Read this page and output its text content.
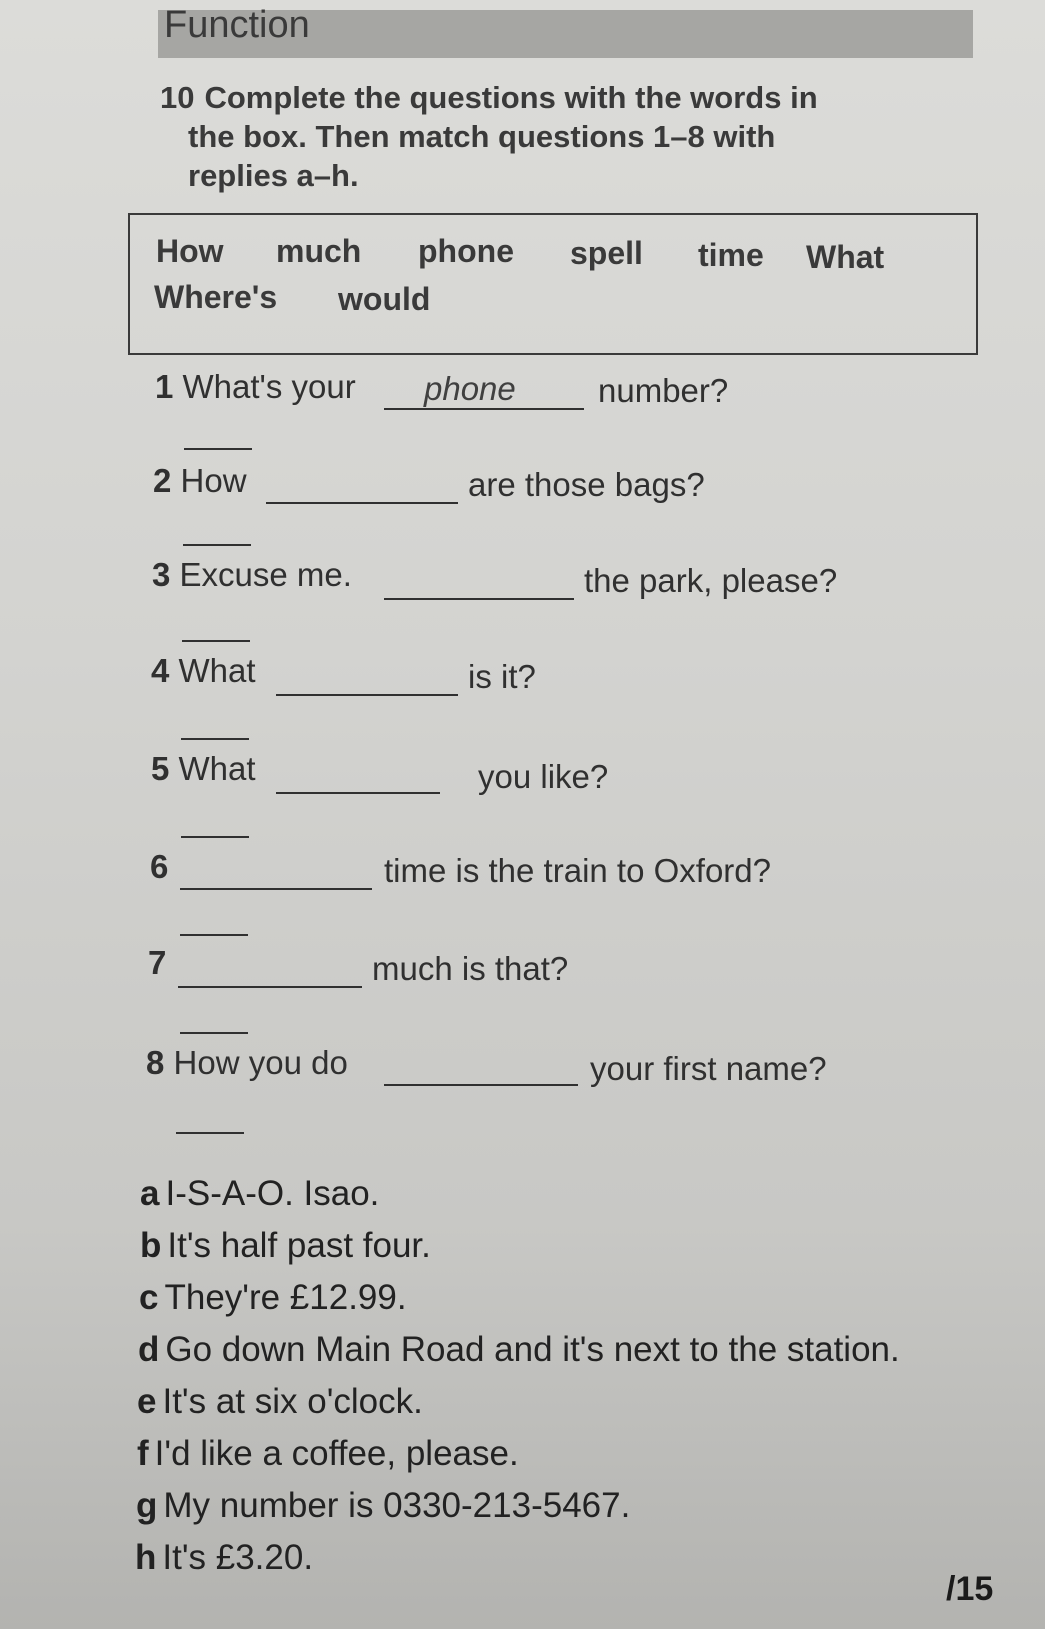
Function
10 Complete the questions with the words in
the box. Then match questions 1–8 with
replies a–h.
How much phone spell time What
Where's would
1 What's your phone number?
2 How	are those bags?
3 Excuse me.	the park, please?
4 What	is it?
5 What	you like?
6	time is the train to Oxford?
7	much is that?
8 How you do	your first name?
a I-S-A-O. Isao.
b It's half past four.
c They're £12.99.
d Go down Main Road and it's next to the station.
e It's at six o'clock.
f I'd like a coffee, please.
g My number is 0330-213-5467.
h It's £3.20.
/15
